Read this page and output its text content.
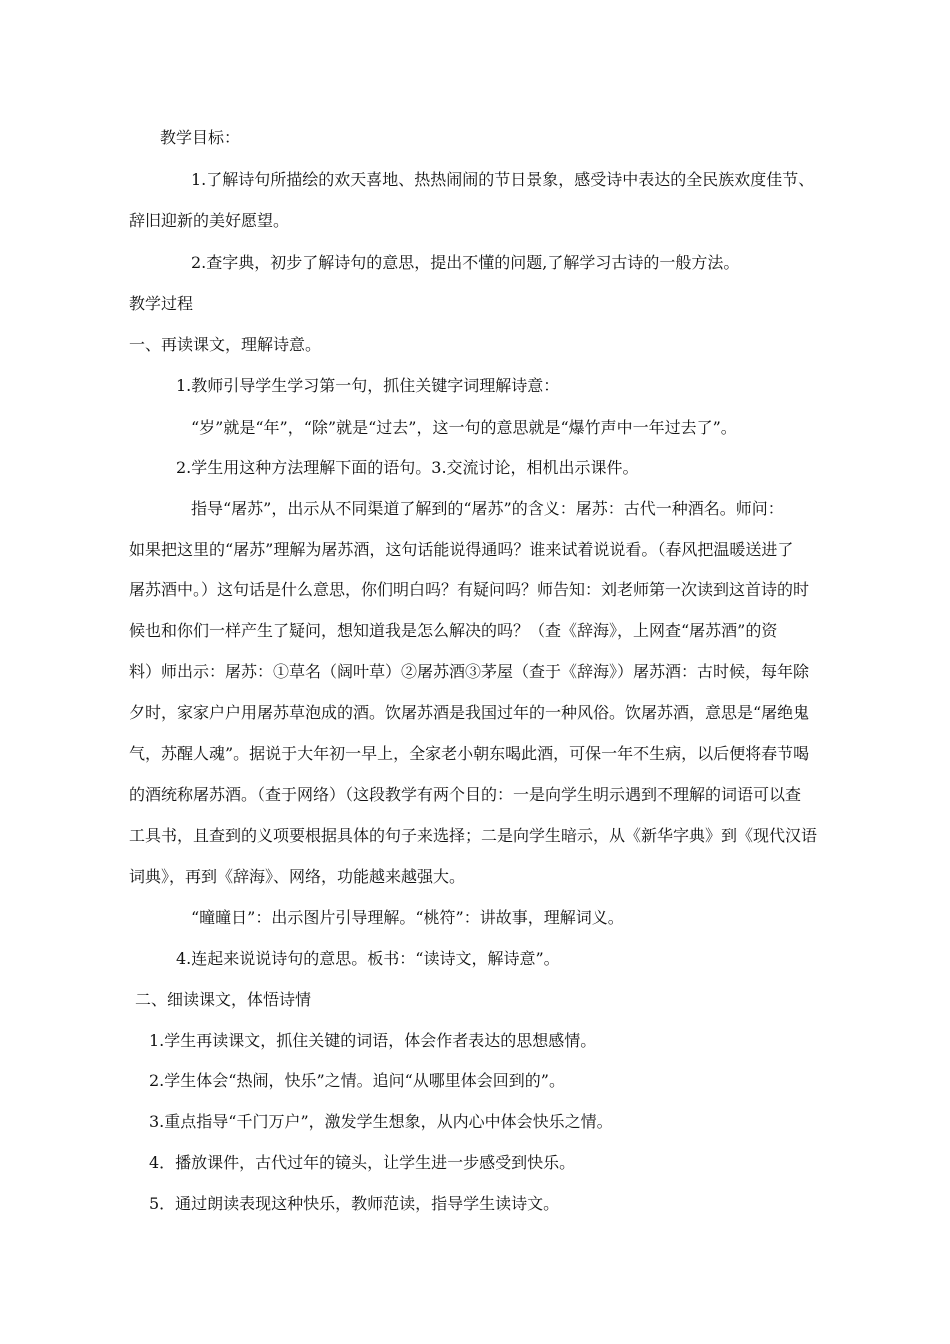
教学目标：
1.了解诗句所描绘的欢天喜地、热热闹闹的节日景象，感受诗中表达的全民族欢度佳节、
辞旧迎新的美好愿望。
2.查字典，初步了解诗句的意思，提出不懂的问题,了解学习古诗的一般方法。
教学过程
一、再读课文，理解诗意。
1.教师引导学生学习第一句，抓住关键字词理解诗意：
“岁”就是“年”，“除”就是“过去”，这一句的意思就是“爆竹声中一年过去了”。
2.学生用这种方法理解下面的语句。3.交流讨论，相机出示课件。
指导“屠苏”，出示从不同渠道了解到的“屠苏”的含义：屠苏：古代一种酒名。师问：
如果把这里的“屠苏”理解为屠苏酒，这句话能说得通吗？谁来试着说说看。（春风把温暖送进了
屠苏酒中。）这句话是什么意思，你们明白吗？有疑问吗？师告知：刘老师第一次读到这首诗的时
候也和你们一样产生了疑问，想知道我是怎么解决的吗？（查《辞海》，上网查“屠苏酒”的资
料）师出示：屠苏：①草名（阔叶草）②屠苏酒③茅屋（查于《辞海》）屠苏酒：古时候，每年除
夕时，家家户户用屠苏草泡成的酒。饮屠苏酒是我国过年的一种风俗。饮屠苏酒，意思是“屠绝鬼
气，苏醒人魂”。据说于大年初一早上，全家老小朝东喝此酒，可保一年不生病，以后便将春节喝
的酒统称屠苏酒。（查于网络）（这段教学有两个目的：一是向学生明示遇到不理解的词语可以查
工具书，且查到的义项要根据具体的句子来选择；二是向学生暗示，从《新华字典》到《现代汉语
词典》，再到《辞海》、网络，功能越来越强大。
“曈曈日”：出示图片引导理解。“桃符”：讲故事，理解词义。
4.连起来说说诗句的意思。板书：“读诗文，解诗意”。
二、细读课文，体悟诗情
1.学生再读课文，抓住关键的词语，体会作者表达的思想感情。
2.学生体会“热闹，快乐”之情。追问“从哪里体会回到的”。
3.重点指导“千门万户”，激发学生想象，从内心中体会快乐之情。
4．播放课件，古代过年的镜头，让学生进一步感受到快乐。
5．通过朗读表现这种快乐，教师范读，指导学生读诗文。
